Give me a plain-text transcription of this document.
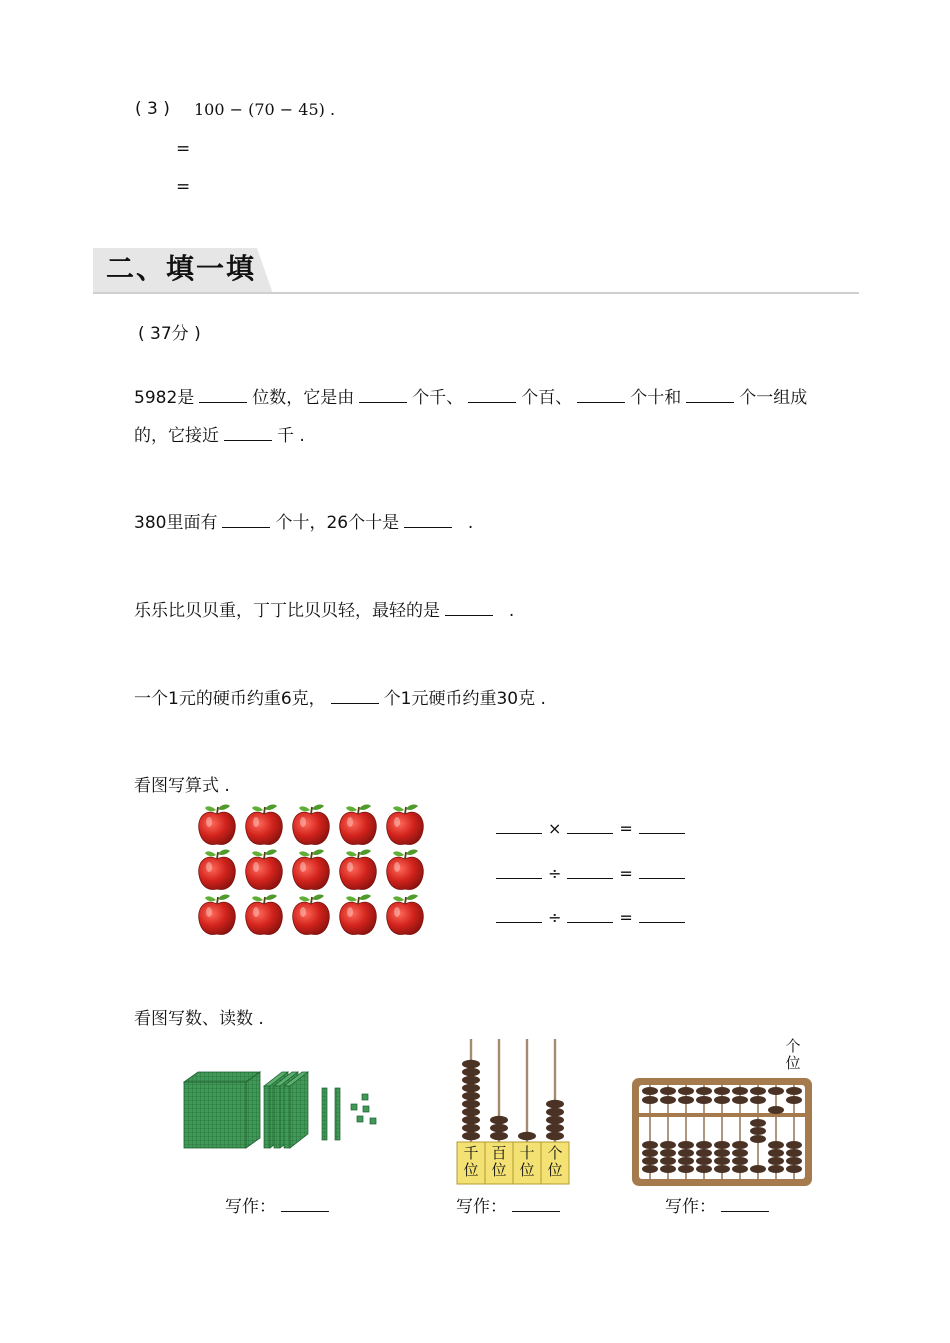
( 3 ) 100 − (70 − 45) .
=
=
二、填一填
( 37分 )
5982是	位数，它是由	个千、	个百、	个十和	个一组成
的，它接近	千 .
380里面有	个十，26个十是	.
乐乐比贝贝重，丁丁比贝贝轻，最轻的是	.
一个1元的硬币约重6克，	个1元硬币约重30克 .
看图写算式 .
×	=
÷	=
÷	=
看图写数、读数 .
千
位
百
位
十
位
个
位
个
位
写作：	写作：	写作：
